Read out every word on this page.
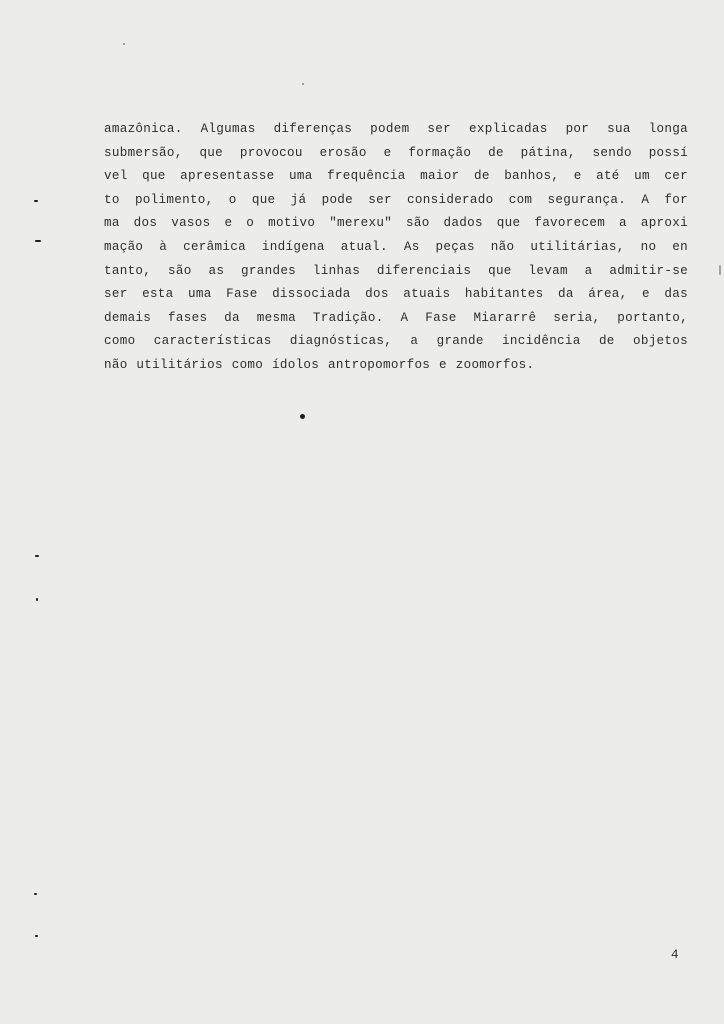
amazônica. Algumas diferenças podem ser explicadas por sua longa
submersão, que provocou erosão e formação de pátina, sendo possí
vel que apresentasse uma frequência maior de banhos, e até um cer
to polimento, o que já pode ser considerado com segurança. A for
ma dos vasos e o motivo "merexu" são dados que favorecem a aproxi
mação à cerâmica indígena atual. As peças não utilitárias, no en
tanto, são as grandes linhas diferenciais que levam a admitir-se
ser esta uma Fase dissociada dos atuais habitantes da área, e das
demais fases da mesma Tradição. A Fase Miararrê seria, portanto,
como características diagnósticas, a grande incidência de objetos
não utilitários como ídolos antropomorfos e zoomorfos.
4
